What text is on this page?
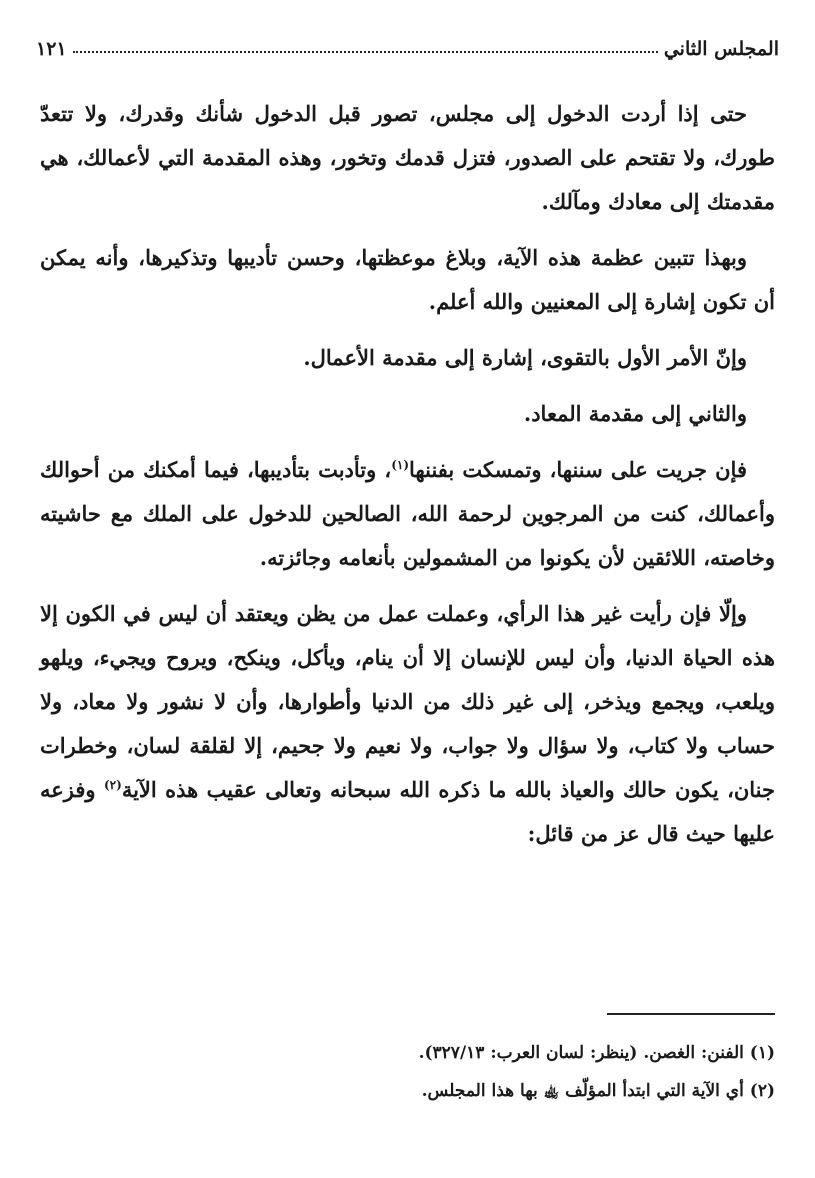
المجلس الثاني
١٢١

حتى إذا أردت الدخول إلى مجلس، تصور قبل الدخول شأنك وقدرك، ولا تتعدّ طورك، ولا تقتحم على الصدور، فتزل قدمك وتخور، وهذه المقدمة التي لأعمالك، هي مقدمتك إلى معادك ومآلك.

وبهذا تتبين عظمة هذه الآية، وبلاغ موعظتها، وحسن تأديبها وتذكيرها، وأنه يمكن أن تكون إشارة إلى المعنيين والله أعلم.

وإنّ الأمر الأول بالتقوى، إشارة إلى مقدمة الأعمال.

والثاني إلى مقدمة المعاد.

فإن جريت على سننها، وتمسكت بفننها$^{(١)}$، وتأدبت بتأديبها، فيما أمكنك من أحوالك وأعمالك، كنت من المرجوين لرحمة الله، الصالحين للدخول على الملك مع حاشيته وخاصته، اللائقين لأن يكونوا من المشمولين بأنعامه وجائزته.

وإلّا فإن رأيت غير هذا الرأي، وعملت عمل من يظن ويعتقد أن ليس في الكون إلا هذه الحياة الدنيا، وأن ليس للإنسان إلا أن ينام، ويأكل، وينكح، ويروح ويجيء، ويلهو ويلعب، ويجمع ويذخر، إلى غير ذلك من الدنيا وأطوارها، وأن لا نشور ولا معاد، ولا حساب ولا كتاب، ولا سؤال ولا جواب، ولا نعيم ولا جحيم، إلا لقلقة لسان، وخطرات جنان، يكون حالك والعياذ بالله ما ذكره الله سبحانه وتعالى عقيب هذه الآية$^{(٢)}$ وفزعه عليها حيث قال عز من قائل:

(١) الفنن: الغصن. (ينظر: لسان العرب: ٣٢٧/١٣).

(٢) أي الآية التي ابتدأ المؤلّف ﵀ بها هذا المجلس.
